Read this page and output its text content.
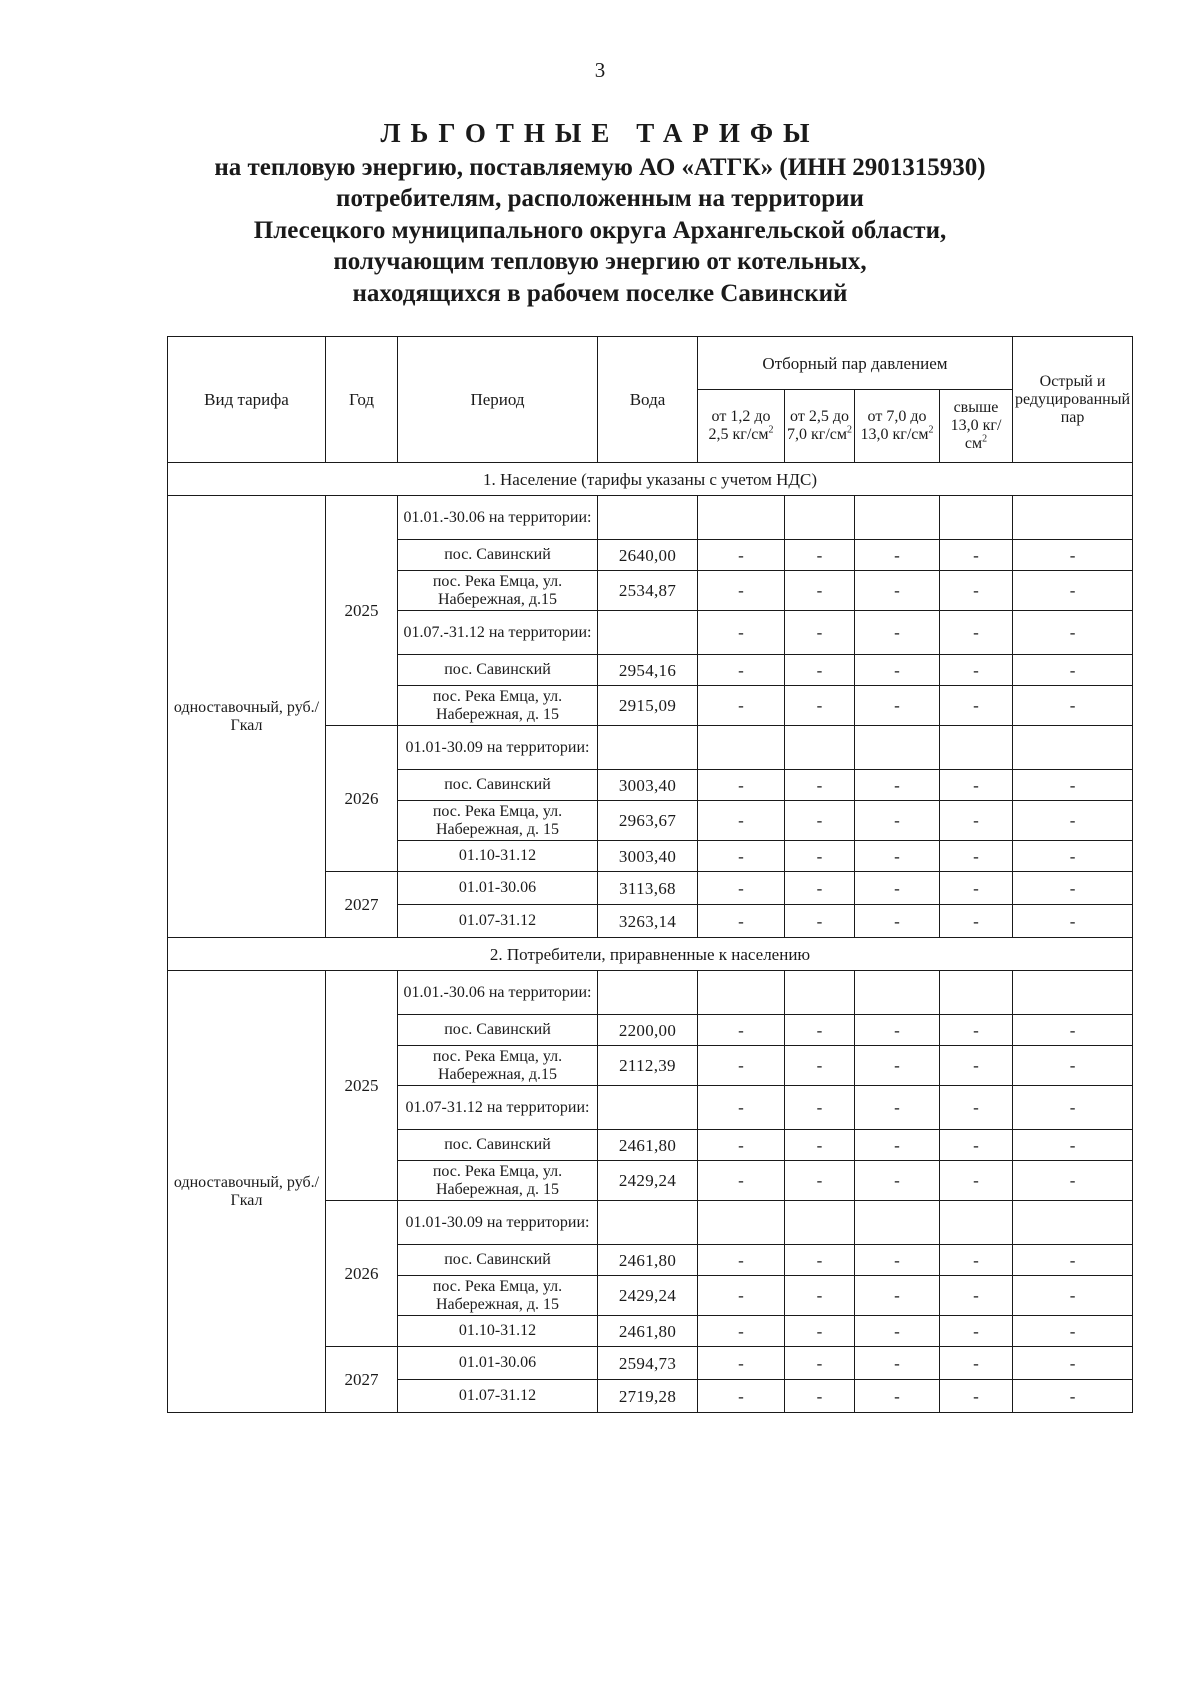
3
ЛЬГОТНЫЕ ТАРИФЫ
на тепловую энергию, поставляемую АО «АТГК» (ИНН 2901315930)
потребителям, расположенным на территории
Плесецкого муниципального округа Архангельской области,
получающим тепловую энергию от котельных,
находящихся в рабочем поселке Савинский
Вид тарифа	Год	Период	Вода	Отборный пар давлением				Острый и редуцированный пар
				от 1,2 до 2,5 $кг/см^2$	от 2,5 до 7,0 $кг/см^2$	от 7,0 до 13,0 $кг/см^2$	свыше 13,0 $кг/см^2$
1. Население (тарифы указаны с учетом НДС)								
одноставочный, руб./Гкал	2025	01.01.-30.06 на территории:						
		пос. Савинский	2640,00	-	-	-	-	-
		пос. Река Емца, ул. Набережная, д.15	2534,87	-	-	-	-	-
		01.07.-31.12 на территории:		-	-	-	-	-
		пос. Савинский	2954,16	-	-	-	-	-
		пос. Река Емца, ул. Набережная, д. 15	2915,09	-	-	-	-	-
	2026	01.01-30.09 на территории:						
		пос. Савинский	3003,40	-	-	-	-	-
		пос. Река Емца, ул. Набережная, д. 15	2963,67	-	-	-	-	-
		01.10-31.12	3003,40	-	-	-	-	-
	2027	01.01-30.06	3113,68	-	-	-	-	-
		01.07-31.12	3263,14	-	-	-	-	-
2. Потребители, приравненные к населению								
одноставочный, руб./Гкал	2025	01.01.-30.06 на территории:						
		пос. Савинский	2200,00	-	-	-	-	-
		пос. Река Емца, ул. Набережная, д.15	2112,39	-	-	-	-	-
		01.07-31.12 на территории:		-	-	-	-	-
		пос. Савинский	2461,80	-	-	-	-	-
		пос. Река Емца, ул. Набережная, д. 15	2429,24	-	-	-	-	-
	2026	01.01-30.09 на территории:						
		пос. Савинский	2461,80	-	-	-	-	-
		пос. Река Емца, ул. Набережная, д. 15	2429,24	-	-	-	-	-
		01.10-31.12	2461,80	-	-	-	-	-
	2027	01.01-30.06	2594,73	-	-	-	-	-
		01.07-31.12	2719,28	-	-	-	-	-
